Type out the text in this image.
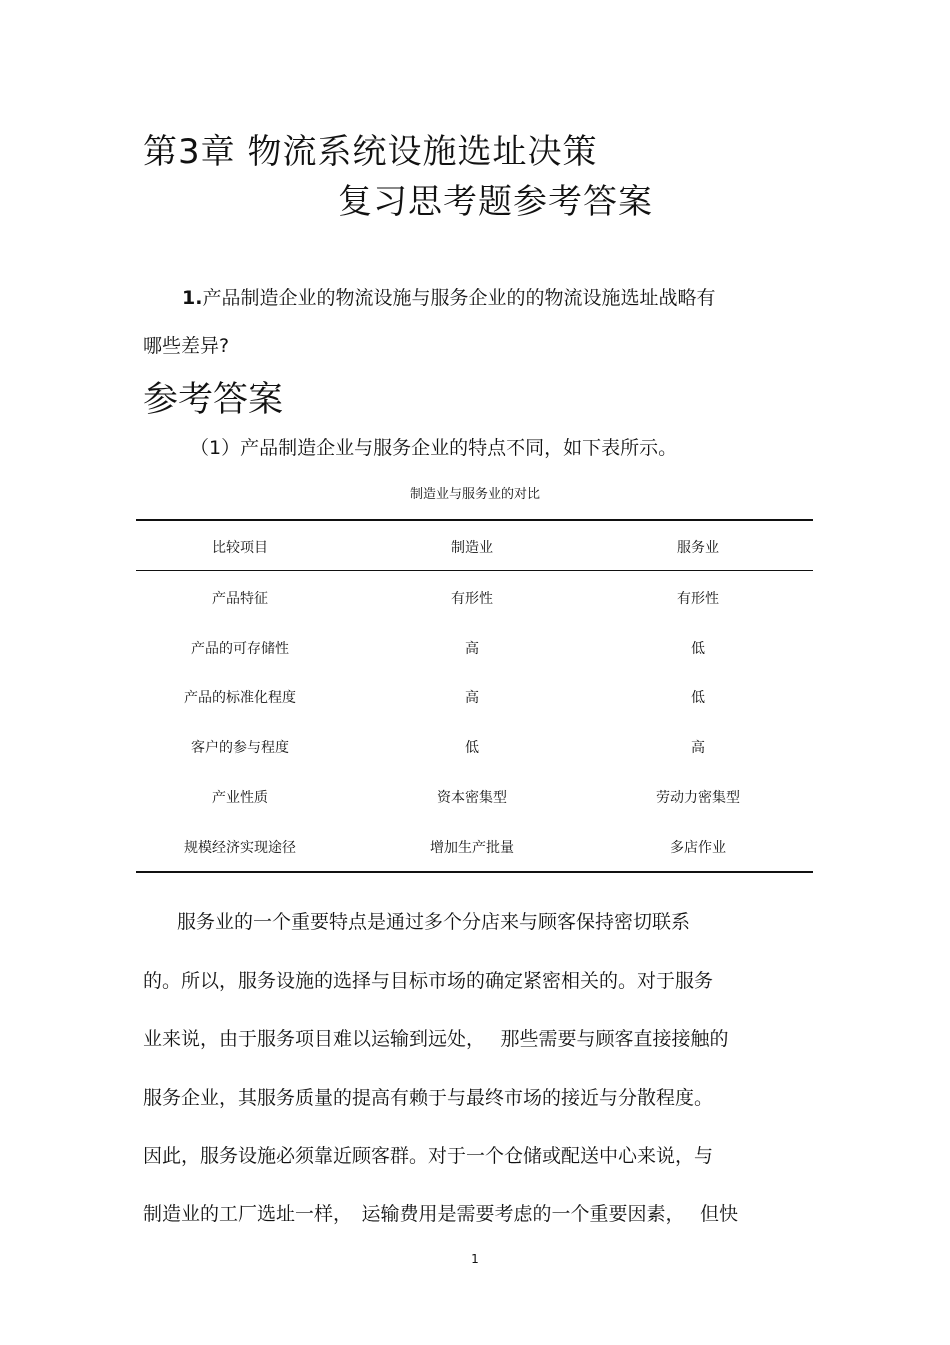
第3章 物流系统设施选址决策
复习思考题参考答案
1.产品制造企业的物流设施与服务企业的的物流设施选址战略有
哪些差异?
参考答案
（1）产品制造企业与服务企业的特点不同，如下表所示。
制造业与服务业的对比
比较项目	制造业	服务业
产品特征	有形性	有形性
产品的可存储性	高	低
产品的标准化程度	高	低
客户的参与程度	低	高
产业性质	资本密集型	劳动力密集型
规模经济实现途径	增加生产批量	多店作业
　服务业的一个重要特点是通过多个分店来与顾客保持密切联系
的。所以，服务设施的选择与目标市场的确定紧密相关的。对于服务
业来说，由于服务项目难以运输到远处，　 那些需要与顾客直接接触的
服务企业，其服务质量的提高有赖于与最终市场的接近与分散程度。
因此，服务设施必须靠近顾客群。对于一个仓储或配送中心来说，与
制造业的工厂选址一样，　运输费用是需要考虑的一个重要因素，　 但快
1
